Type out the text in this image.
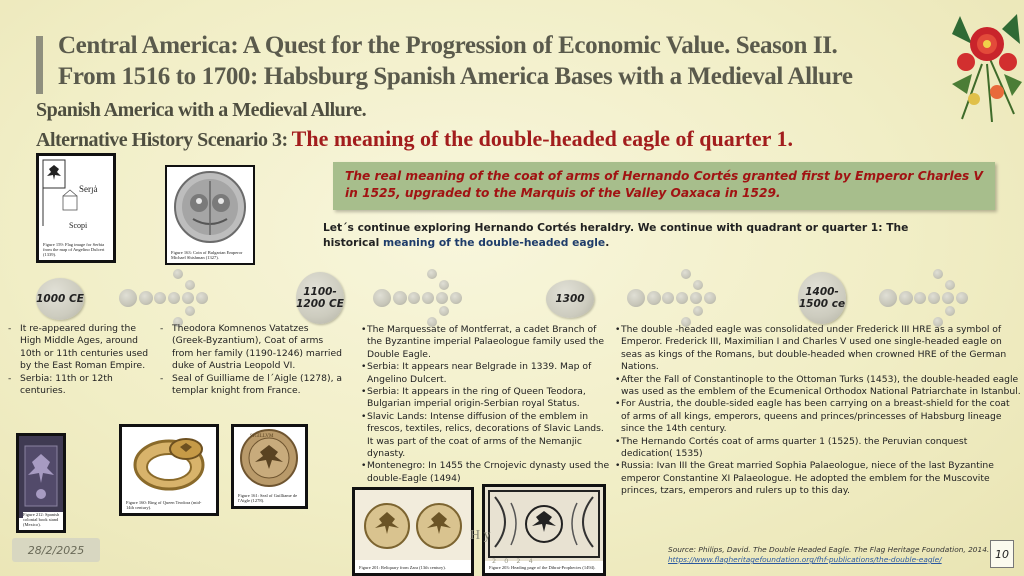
Central America: A Quest for the Progression of Economic Value. Season II.
From 1516 to 1700: Habsburg Spanish America Bases with a Medieval Allure
Spanish America with a Medieval Allure.
Alternative History Scenario 3: The meaning of the double-headed eagle of quarter 1.

The real meaning of the coat of arms of Hernando Cortés granted first by Emperor Charles V in 1525, upgraded to the Marquis of the Valley Oaxaca in 1529.

Let´s continue exploring Hernando Cortés heraldry. We continue with quadrant or quarter 1: The historical meaning of the double-headed eagle.
Serȷȧ
Scopi
Figure 159: Flag image for Serbia from the map of Angelino Dulcert (1339).	Figure 163: Coin of Bulgarian Emperor Michael Shishman (1327).
1000 CE
1100-1200 CE	1300
1400-1500 ce
- It re-appeared during the High Middle Ages, around 10th or 11th centuries used by the East Roman Empire.
- Serbia: 11th or 12th centuries.
- Theodora Komnenos Vatatzes (Greek-Byzantium), Coat of arms from her family (1190-1246) married duke of Austria Leopold VI.
- Seal of Guilliame de l´Aigle (1278), a templar knight from France.
• The Marquessate of Montferrat, a cadet Branch of the Byzantine imperial Palaeologue family used the Double Eagle.
• Serbia: It appears near Belgrade in 1339. Map of Angelino Dulcert.
• Serbia: It appears in the ring of Queen Teodora, Bulgarian imperial origin-Serbian royal Status.
• Slavic Lands: Intense diffusion of the emblem in frescos, textiles, relics, decorations of Slavic Lands. It was part of the coat of arms of the Nemanjic dynasty.
• Montenegro: In 1455 the Crnojevic dynasty used the double-Eagle (1494)
• The double -headed eagle was consolidated under Frederick III HRE as a symbol of Emperor. Frederick III, Maximilian I and Charles V used one single-headed eagle on seas as kings of the Romans, but double-headed when crowned HRE of the German Nations.
• After the Fall of Constantinople to the Ottoman Turks (1453), the double-headed eagle was used as the emblem of the Ecumenical Orthodox National Patriarchate in Istanbul.
• For Austria, the double-sided eagle has been carrying on a breast-shield for the coat of arms of all kings, emperors, queens and princes/princesses of Habsburg lineage since the 14th century.
• The Hernando Cortés coat of arms quarter 1 (1525). the Peruvian conquest dedication( 1535)
• Russia: Ivan III the Great married Sophia Palaeologue, niece of the last Byzantine emperor Constantine XI Palaeologue. He adopted the emblem for the Muscovite princes, tzars, emperors and rulers up to this day.
Figure 212: Spanish colonial book stand (Mexico).
Figure 160: Ring of Queen Teodora (mid-14th century).
SIGILLVM
Figure 161: Seal of Guilliame de l'Aigle (1278).
Figure 201: Reliquary from Zara (13th century).	Figure 203: Heading page of the Dibrat-Prophecies (1494).
H y
2 0 2 4
28/2/2025	Source: Philips, David. The Double Headed Eagle. The Flag Heritage Foundation, 2014.
https://www.flagheritagefoundation.org/fhf-publications/the-double-eagle/	10
